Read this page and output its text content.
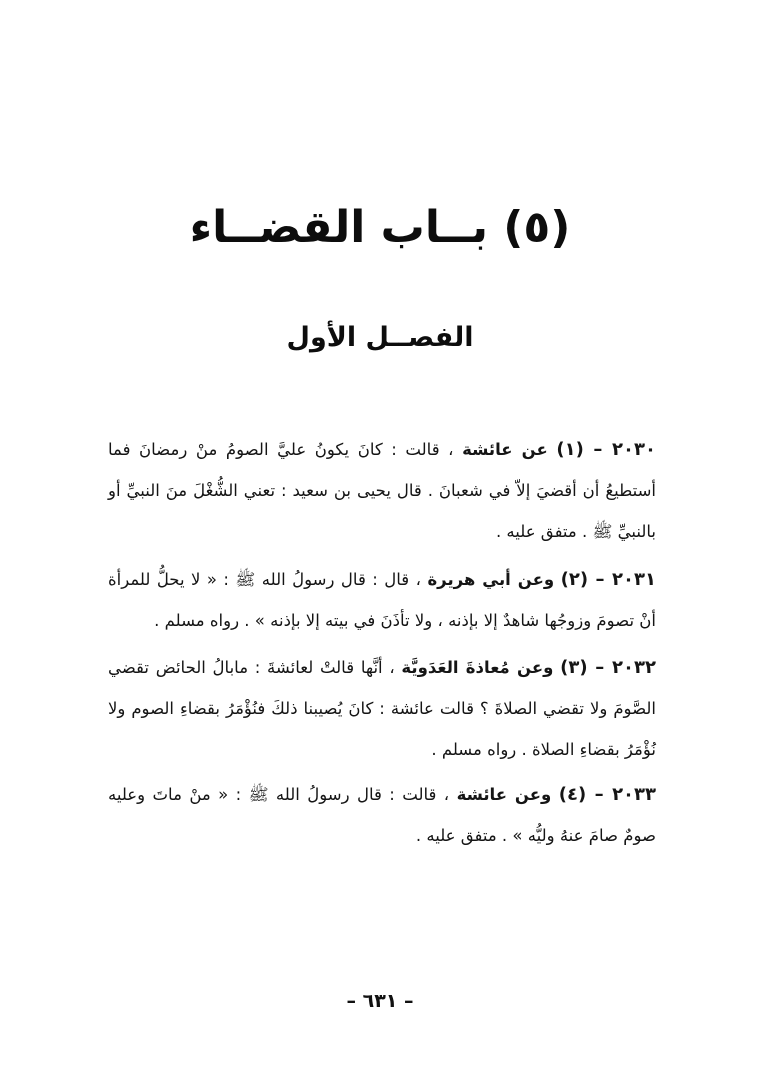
(٥) بــاب القضــاء
الفصــل الأول

٢٠٣٠ – (١) عن عائشة ، قالت : كانَ يكونُ عليَّ الصومُ منْ رمضانَ فما أستطيعُ أن أقضيَ إلاّ في شعبانَ . قال يحيى بن سعيد : تعني الشُّغْلَ منَ النبيِّ أو بالنبيِّ ﷺ . متفق عليه .

٢٠٣١ – (٢) وعن أبي هريرة ، قال : قال رسولُ الله ﷺ : « لا يحلُّ للمرأة أنْ تصومَ وزوجُها شاهدٌ إلا بإذنه ، ولا تأذَنَ في بيته إلا بإذنه » . رواه مسلم .

٢٠٣٢ – (٣) وعن مُعاذةَ العَدَويَّة ، أنَّها قالتْ لعائشةَ : مابالُ الحائض تقضي الصَّومَ ولا تقضي الصلاةَ ؟ قالت عائشة : كانَ يُصيبنا ذلكَ فنُؤْمَرُ بقضاءِ الصوم ولا نُؤْمَرُ بقضاءِ الصلاة . رواه مسلم .

٢٠٣٣ – (٤) وعن عائشة ، قالت : قال رسولُ الله ﷺ : « منْ ماتَ وعليه صومٌ صامَ عنهُ وليُّه » . متفق عليه .

– ٦٣١ –
